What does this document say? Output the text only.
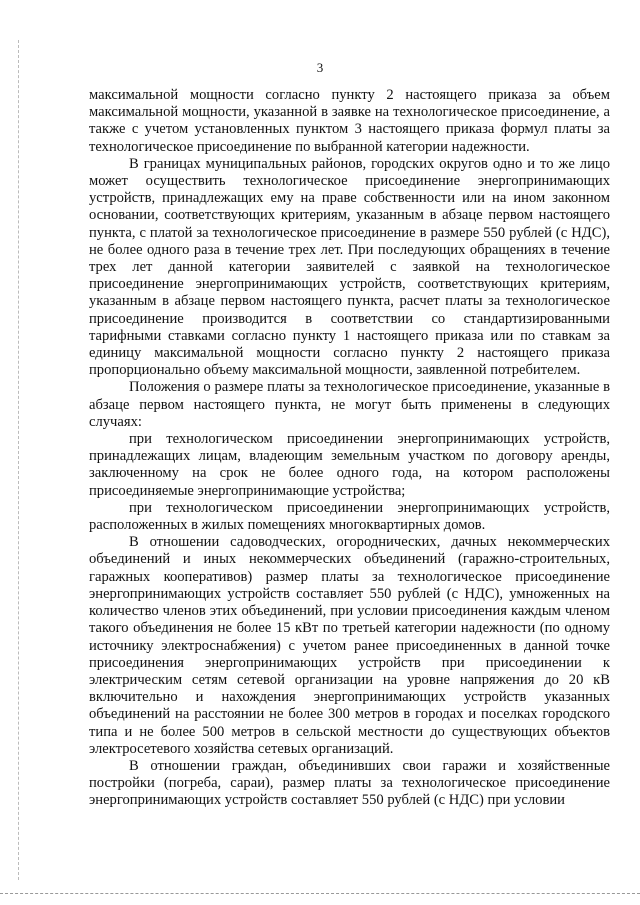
3

максимальной мощности согласно пункту 2 настоящего приказа за объем максимальной мощности, указанной в заявке на технологическое присоединение, а также с учетом установленных пунктом 3 настоящего приказа формул платы за технологическое присоединение по выбранной категории надежности.

В границах муниципальных районов, городских округов одно и то же лицо может осуществить технологическое присоединение энергопринимающих устройств, принадлежащих ему на праве собственности или на ином законном основании, соответствующих критериям, указанным в абзаце первом настоящего пункта, с платой за технологическое присоединение в размере 550 рублей (с НДС), не более одного раза в течение трех лет. При последующих обращениях в течение трех лет данной категории заявителей с заявкой на технологическое присоединение энергопринимающих устройств, соответствующих критериям, указанным в абзаце первом настоящего пункта, расчет платы за технологическое присоединение производится в соответствии со стандартизированными тарифными ставками согласно пункту 1 настоящего приказа или по ставкам за единицу максимальной мощности согласно пункту 2 настоящего приказа пропорционально объему максимальной мощности, заявленной потребителем.

Положения о размере платы за технологическое присоединение, указанные в абзаце первом настоящего пункта, не могут быть применены в следующих случаях:

при технологическом присоединении энергопринимающих устройств, принадлежащих лицам, владеющим земельным участком по договору аренды, заключенному на срок не более одного года, на котором расположены присоединяемые энергопринимающие устройства;

при технологическом присоединении энергопринимающих устройств, расположенных в жилых помещениях многоквартирных домов.

В отношении садоводческих, огороднических, дачных некоммерческих объединений и иных некоммерческих объединений (гаражно-строительных, гаражных кооперативов) размер платы за технологическое присоединение энергопринимающих устройств составляет 550 рублей (с НДС), умноженных на количество членов этих объединений, при условии присоединения каждым членом такого объединения не более 15 кВт по третьей категории надежности (по одному источнику электроснабжения) с учетом ранее присоединенных в данной точке присоединения энергопринимающих устройств при присоединении к электрическим сетям сетевой организации на уровне напряжения до 20 кВ включительно и нахождения энергопринимающих устройств указанных объединений на расстоянии не более 300 метров в городах и поселках городского типа и не более 500 метров в сельской местности до существующих объектов электросетевого хозяйства сетевых организаций.

В отношении граждан, объединивших свои гаражи и хозяйственные постройки (погреба, сараи), размер платы за технологическое присоединение энергопринимающих устройств составляет 550 рублей (с НДС) при условии
